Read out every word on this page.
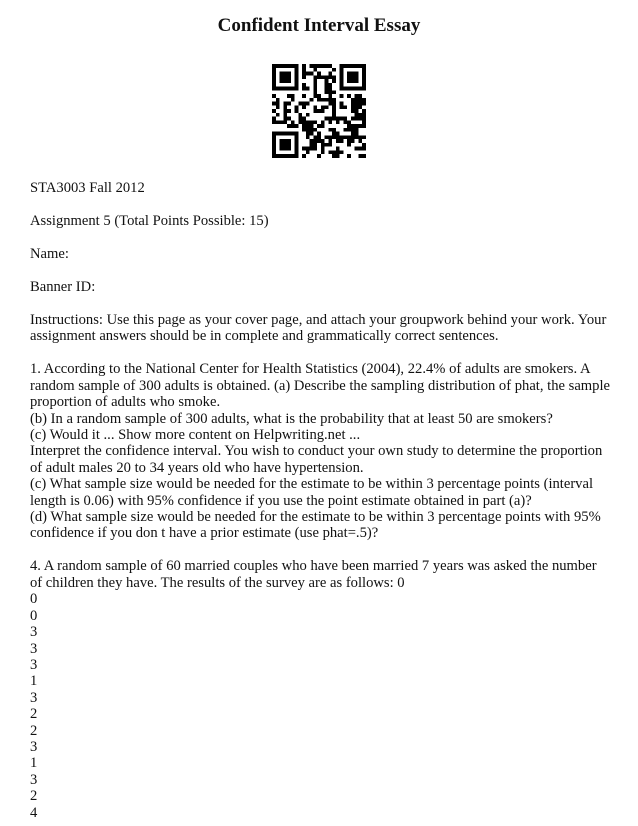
Confident Interval Essay

STA3003 Fall 2012

Assignment 5 (Total Points Possible: 15)

Name:

Banner ID:

Instructions: Use this page as your cover page, and attach your groupwork behind your work. Your assignment answers should be in complete and grammatically correct sentences.

1. According to the National Center for Health Statistics (2004), 22.4% of adults are smokers. A random sample of 300 adults is obtained. (a) Describe the sampling distribution of phat, the sample proportion of adults who smoke.

(b) In a random sample of 300 adults, what is the probability that at least 50 are smokers?

(c) Would it ... Show more content on Helpwriting.net ...

Interpret the confidence interval. You wish to conduct your own study to determine the proportion of adult males 20 to 34 years old who have hypertension.

(c) What sample size would be needed for the estimate to be within 3 percentage points (interval length is 0.06) with 95% confidence if you use the point estimate obtained in part (a)?

(d) What sample size would be needed for the estimate to be within 3 percentage points with 95% confidence if you don t have a prior estimate (use phat=.5)?

4. A random sample of 60 married couples who have been married 7 years was asked the number of children they have. The results of the survey are as follows: 0

0

0

3

3

3

1

3

2

2

3

1

3

2

4
